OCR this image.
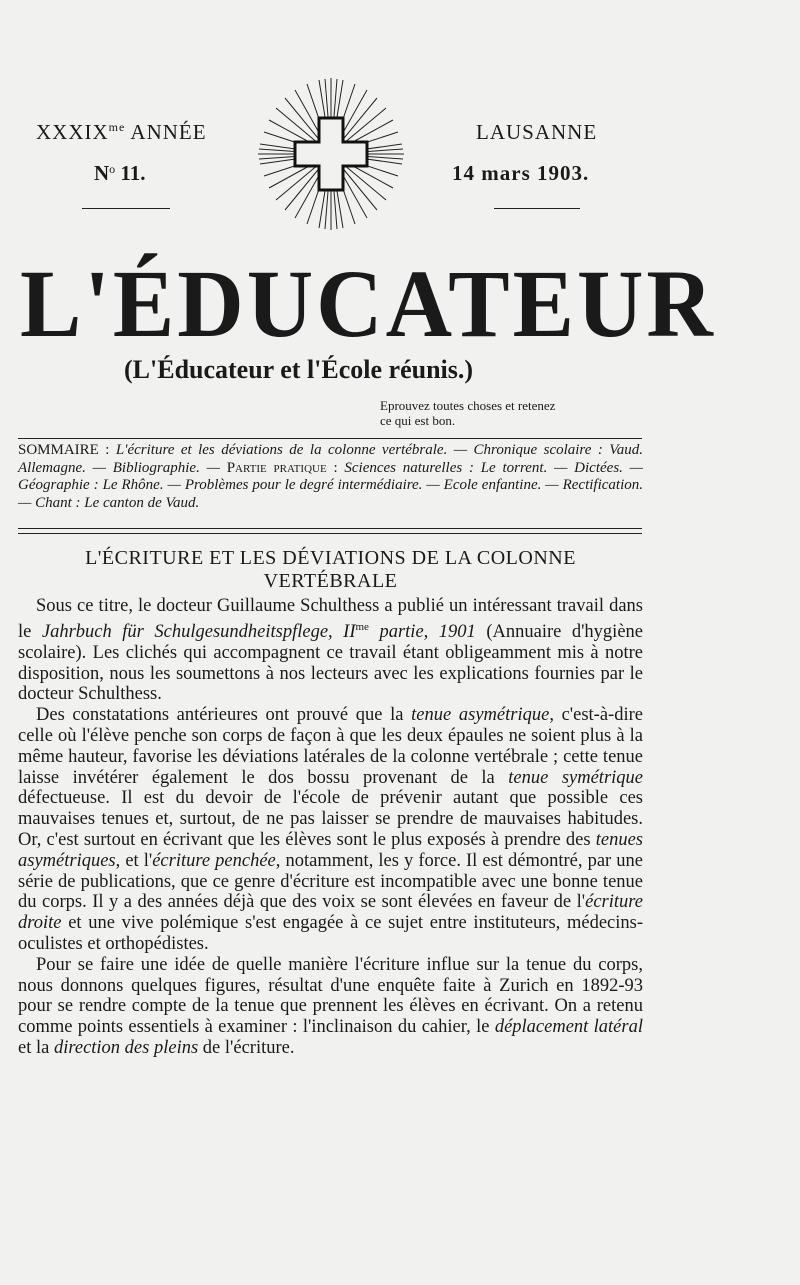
$XXXIX^{me}$ ANNÉE	LAUSANNE
$N^o$ 11.	14 mars 1903.
L'ÉDUCATEUR
(L'Éducateur et l'École réunis.)
Eprouvez toutes choses et retenez
ce qui est bon.
SOMMAIRE : L'écriture et les déviations de la colonne vertébrale. — Chronique scolaire : Vaud. Allemagne. — Bibliographie. — Partie pratique : Sciences naturelles : Le torrent. — Dictées. — Géographie : Le Rhône. — Problèmes pour le degré intermédiaire. — Ecole enfantine. — Rectification. — Chant : Le canton de Vaud.
L'ÉCRITURE ET LES DÉVIATIONS DE LA COLONNE
VERTÉBRALE

Sous ce titre, le docteur Guillaume Schulthess a publié un intéressant travail dans le Jahrbuch für Schulgesundheitspflege, $II^{me}$ partie, 1901 (Annuaire d'hygiène scolaire). Les clichés qui accompagnent ce travail étant obligeamment mis à notre disposition, nous les soumettons à nos lecteurs avec les explications fournies par le docteur Schulthess.

Des constatations antérieures ont prouvé que la tenue asymétrique, c'est-à-dire celle où l'élève penche son corps de façon à que les deux épaules ne soient plus à la même hauteur, favorise les déviations latérales de la colonne vertébrale ; cette tenue laisse invétérer également le dos bossu provenant de la tenue symétrique défectueuse. Il est du devoir de l'école de prévenir autant que possible ces mauvaises tenues et, surtout, de ne pas laisser se prendre de mauvaises habitudes. Or, c'est surtout en écrivant que les élèves sont le plus exposés à prendre des tenues asymétriques, et l'écriture penchée, notamment, les y force. Il est démontré, par une série de publications, que ce genre d'écriture est incompatible avec une bonne tenue du corps. Il y a des années déjà que des voix se sont élevées en faveur de l'écriture droite et une vive polémique s'est engagée à ce sujet entre instituteurs, médecins-oculistes et orthopédistes.

Pour se faire une idée de quelle manière l'écriture influe sur la tenue du corps, nous donnons quelques figures, résultat d'une enquête faite à Zurich en 1892-93 pour se rendre compte de la tenue que prennent les élèves en écrivant. On a retenu comme points essentiels à examiner : l'inclinaison du cahier, le déplacement latéral et la direction des pleins de l'écriture.
